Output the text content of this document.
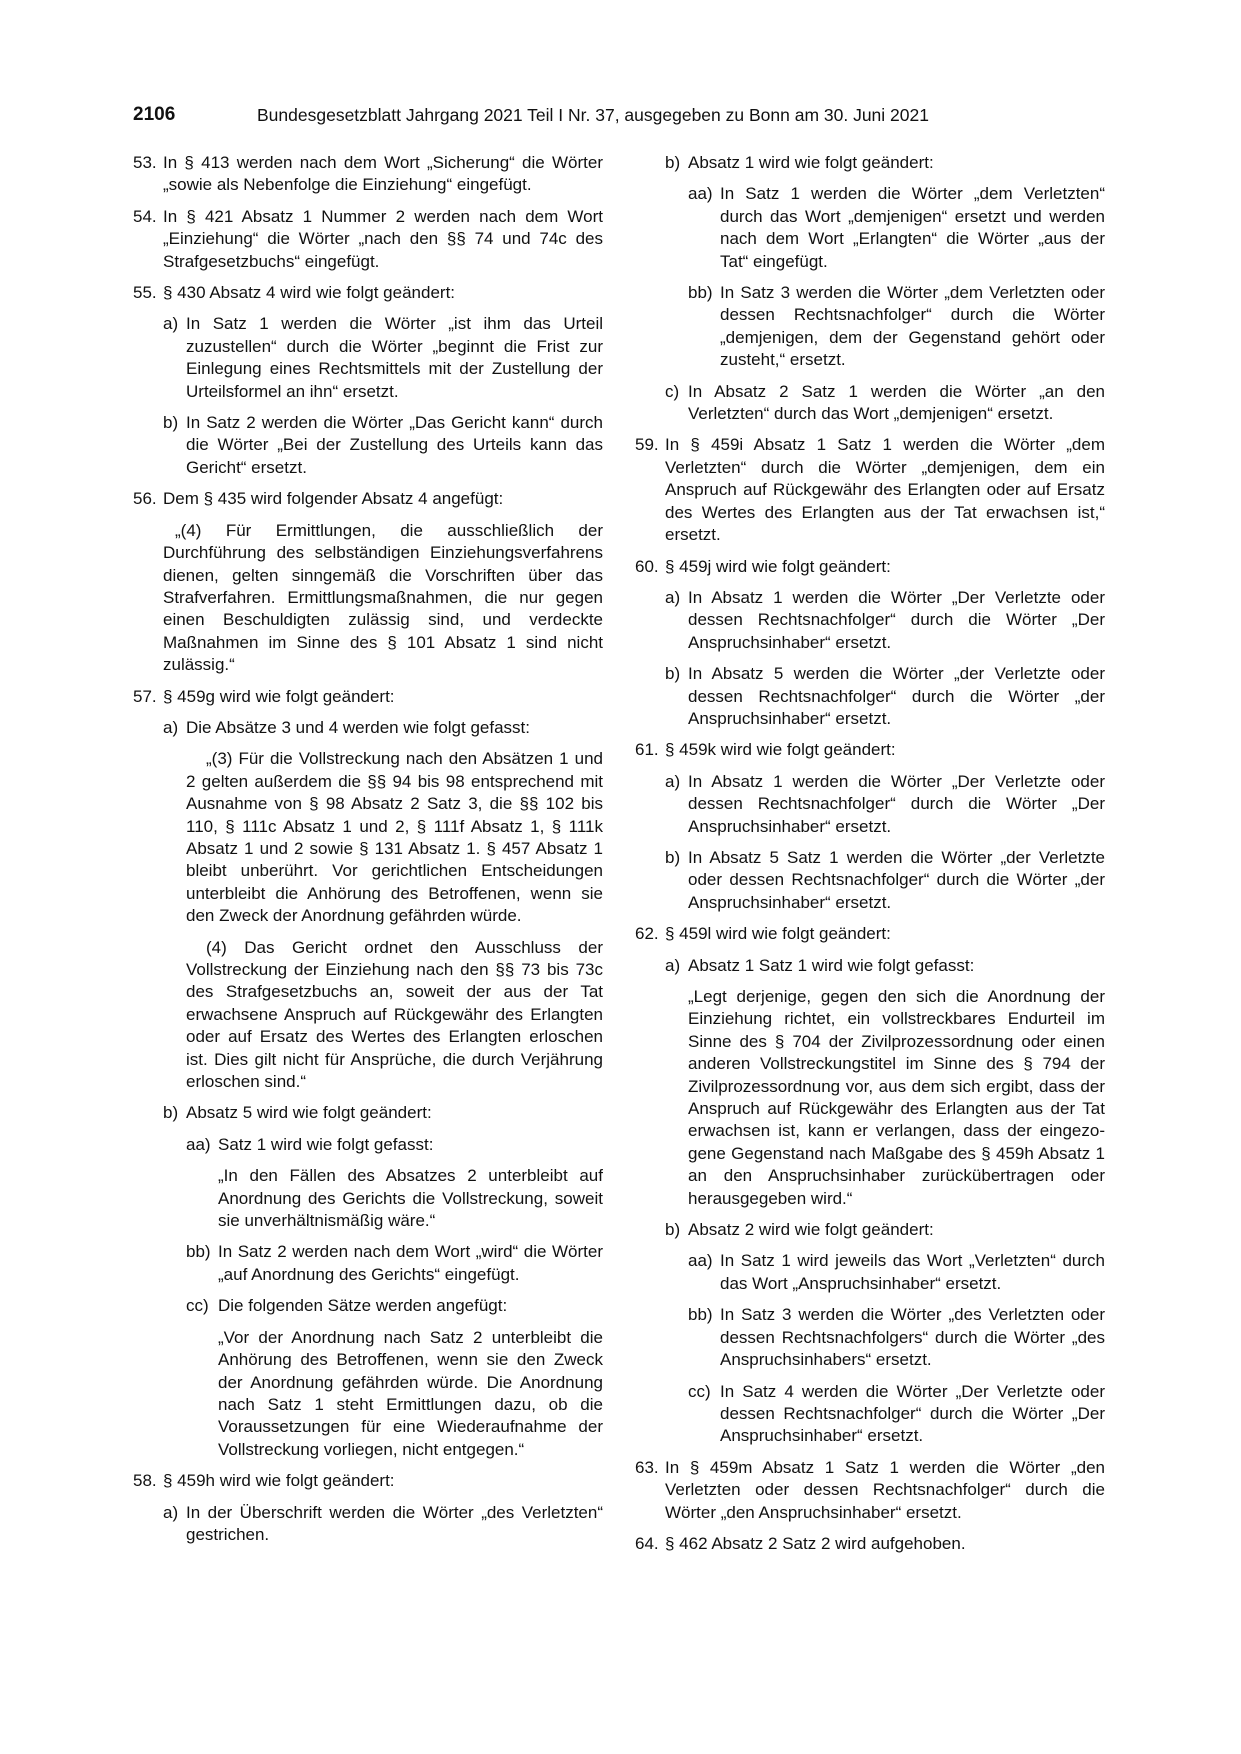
2106	Bundesgesetzblatt Jahrgang 2021 Teil I Nr. 37, ausgegeben zu Bonn am 30. Juni 2021
53. In § 413 werden nach dem Wort „Sicherung“ die Wörter „sowie als Nebenfolge die Einziehung“ eingefügt.
54. In § 421 Absatz 1 Nummer 2 werden nach dem Wort „Einziehung“ die Wörter „nach den §§ 74 und 74c des Strafgesetzbuchs“ eingefügt.
55. § 430 Absatz 4 wird wie folgt geändert:
a) In Satz 1 werden die Wörter „ist ihm das Urteil zuzustellen“ durch die Wörter „beginnt die Frist zur Einlegung eines Rechtsmittels mit der Zustellung der Urteilsformel an ihn“ ersetzt.
b) In Satz 2 werden die Wörter „Das Gericht kann“ durch die Wörter „Bei der Zustellung des Urteils kann das Gericht“ ersetzt.
56. Dem § 435 wird folgender Absatz 4 angefügt:
„(4) Für Ermittlungen, die ausschließlich der Durchführung des selbständigen Einziehungsverfahrens dienen, gelten sinngemäß die Vorschriften über das Strafverfahren. Ermittlungsmaßnahmen, die nur gegen einen Beschuldigten zulässig sind, und verdeckte Maßnahmen im Sinne des § 101 Absatz 1 sind nicht zulässig.“
57. § 459g wird wie folgt geändert:
a) Die Absätze 3 und 4 werden wie folgt gefasst:
„(3) Für die Vollstreckung nach den Absätzen 1 und 2 gelten außerdem die §§ 94 bis 98 entsprechend mit Ausnahme von § 98 Absatz 2 Satz 3, die §§ 102 bis 110, § 111c Absatz 1 und 2, § 111f Absatz 1, § 111k Absatz 1 und 2 sowie § 131 Absatz 1. § 457 Absatz 1 bleibt unberührt. Vor gerichtlichen Entscheidungen unterbleibt die Anhörung des Betroffenen, wenn sie den Zweck der Anordnung gefährden würde.
(4) Das Gericht ordnet den Ausschluss der Vollstreckung der Einziehung nach den §§ 73 bis 73c des Strafgesetzbuchs an, soweit der aus der Tat erwachsene Anspruch auf Rückgewähr des Erlangten oder auf Ersatz des Wertes des Erlangten erloschen ist. Dies gilt nicht für Ansprüche, die durch Verjährung erloschen sind.“
b) Absatz 5 wird wie folgt geändert:
aa) Satz 1 wird wie folgt gefasst:
„In den Fällen des Absatzes 2 unterbleibt auf Anordnung des Gerichts die Vollstreckung, soweit sie unverhältnismäßig wäre.“
bb) In Satz 2 werden nach dem Wort „wird“ die Wörter „auf Anordnung des Gerichts“ eingefügt.
cc) Die folgenden Sätze werden angefügt:
„Vor der Anordnung nach Satz 2 unterbleibt die Anhörung des Betroffenen, wenn sie den Zweck der Anordnung gefährden würde. Die Anordnung nach Satz 1 steht Ermittlungen dazu, ob die Voraussetzungen für eine Wiederaufnahme der Vollstreckung vorliegen, nicht entgegen.“
58. § 459h wird wie folgt geändert:
a) In der Überschrift werden die Wörter „des Verletzten“ gestrichen.
b) Absatz 1 wird wie folgt geändert:
aa) In Satz 1 werden die Wörter „dem Verletzten“ durch das Wort „demjenigen“ ersetzt und werden nach dem Wort „Erlangten“ die Wörter „aus der Tat“ eingefügt.
bb) In Satz 3 werden die Wörter „dem Verletzten oder dessen Rechtsnachfolger“ durch die Wörter „demjenigen, dem der Gegenstand gehört oder zusteht,“ ersetzt.
c) In Absatz 2 Satz 1 werden die Wörter „an den Verletzten“ durch das Wort „demjenigen“ ersetzt.
59. In § 459i Absatz 1 Satz 1 werden die Wörter „dem Verletzten“ durch die Wörter „demjenigen, dem ein Anspruch auf Rückgewähr des Erlangten oder auf Ersatz des Wertes des Erlangten aus der Tat erwachsen ist,“ ersetzt.
60. § 459j wird wie folgt geändert:
a) In Absatz 1 werden die Wörter „Der Verletzte oder dessen Rechtsnachfolger“ durch die Wörter „Der Anspruchsinhaber“ ersetzt.
b) In Absatz 5 werden die Wörter „der Verletzte oder dessen Rechtsnachfolger“ durch die Wörter „der Anspruchsinhaber“ ersetzt.
61. § 459k wird wie folgt geändert:
a) In Absatz 1 werden die Wörter „Der Verletzte oder dessen Rechtsnachfolger“ durch die Wörter „Der Anspruchsinhaber“ ersetzt.
b) In Absatz 5 Satz 1 werden die Wörter „der Verletzte oder dessen Rechtsnachfolger“ durch die Wörter „der Anspruchsinhaber“ ersetzt.
62. § 459l wird wie folgt geändert:
a) Absatz 1 Satz 1 wird wie folgt gefasst:
„Legt derjenige, gegen den sich die Anordnung der Einziehung richtet, ein vollstreckbares Endurteil im Sinne des § 704 der Zivilprozessordnung oder einen anderen Vollstreckungstitel im Sinne des § 794 der Zivilprozessordnung vor, aus dem sich ergibt, dass der Anspruch auf Rückgewähr des Erlangten aus der Tat erwachsen ist, kann er verlangen, dass der eingezogene Gegenstand nach Maßgabe des § 459h Absatz 1 an den Anspruchsinhaber zurückübertragen oder herausgegeben wird.“
b) Absatz 2 wird wie folgt geändert:
aa) In Satz 1 wird jeweils das Wort „Verletzten“ durch das Wort „Anspruchsinhaber“ ersetzt.
bb) In Satz 3 werden die Wörter „des Verletzten oder dessen Rechtsnachfolgers“ durch die Wörter „des Anspruchsinhabers“ ersetzt.
cc) In Satz 4 werden die Wörter „Der Verletzte oder dessen Rechtsnachfolger“ durch die Wörter „Der Anspruchsinhaber“ ersetzt.
63. In § 459m Absatz 1 Satz 1 werden die Wörter „den Verletzten oder dessen Rechtsnachfolger“ durch die Wörter „den Anspruchsinhaber“ ersetzt.
64. § 462 Absatz 2 Satz 2 wird aufgehoben.
